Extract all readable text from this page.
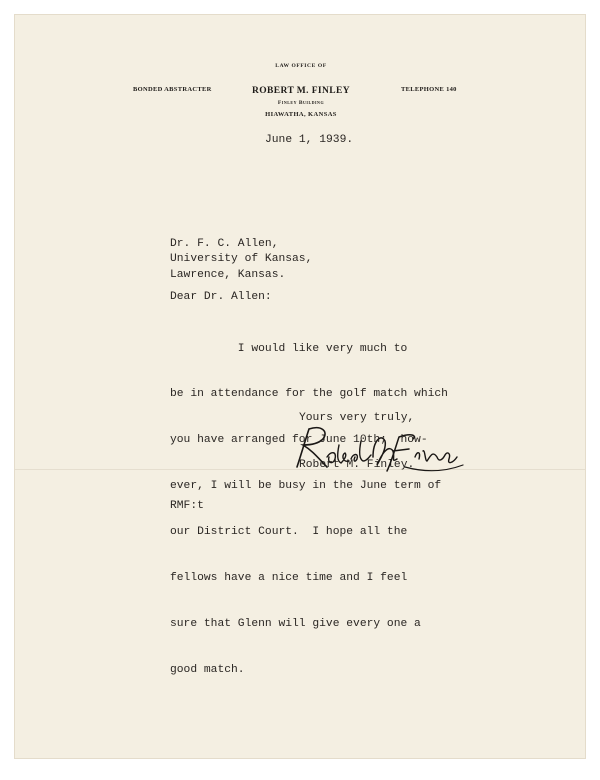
LAW OFFICE OF
BONDED ABSTRACTER	ROBERT M. FINLEY	TELEPHONE 140
Finley Building
HIAWATHA, KANSAS
June 1, 1939.
Dr. F. C. Allen,
University of Kansas,
Lawrence, Kansas.
Dear Dr. Allen:

I would like very much to

be in attendance for the golf match which

you have arranged for June 10th;  how-

ever, I will be busy in the June term of

our District Court.  I hope all the

fellows have a nice time and I feel

sure that Glenn will give every one a

good match.

Yours very truly,
Robert M. Finley.
RMF:t
